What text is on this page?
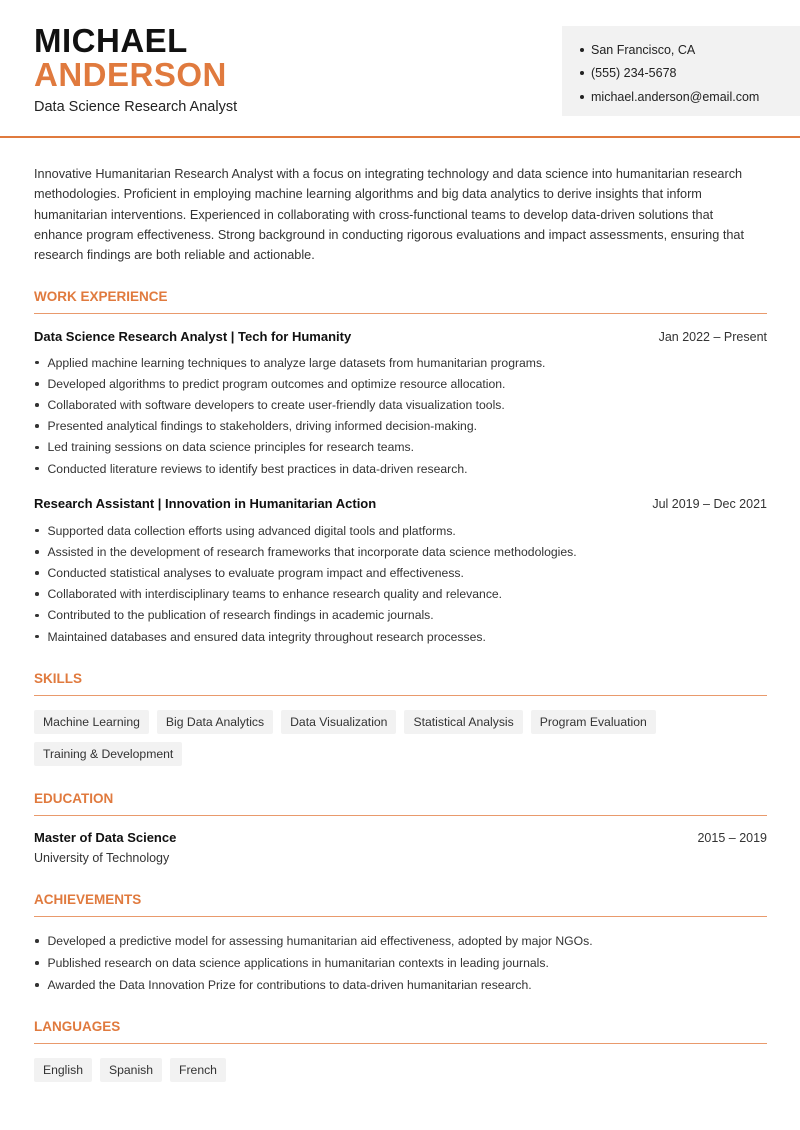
MICHAEL
ANDERSON
Data Science Research Analyst
San Francisco, CA
(555) 234-5678
michael.anderson@email.com
Innovative Humanitarian Research Analyst with a focus on integrating technology and data science into humanitarian research methodologies. Proficient in employing machine learning algorithms and big data analytics to derive insights that inform humanitarian interventions. Experienced in collaborating with cross-functional teams to develop data-driven solutions that enhance program effectiveness. Strong background in conducting rigorous evaluations and impact assessments, ensuring that research findings are both reliable and actionable.
WORK EXPERIENCE
Data Science Research Analyst | Tech for Humanity	Jan 2022 – Present
Applied machine learning techniques to analyze large datasets from humanitarian programs.
Developed algorithms to predict program outcomes and optimize resource allocation.
Collaborated with software developers to create user-friendly data visualization tools.
Presented analytical findings to stakeholders, driving informed decision-making.
Led training sessions on data science principles for research teams.
Conducted literature reviews to identify best practices in data-driven research.
Research Assistant | Innovation in Humanitarian Action	Jul 2019 – Dec 2021
Supported data collection efforts using advanced digital tools and platforms.
Assisted in the development of research frameworks that incorporate data science methodologies.
Conducted statistical analyses to evaluate program impact and effectiveness.
Collaborated with interdisciplinary teams to enhance research quality and relevance.
Contributed to the publication of research findings in academic journals.
Maintained databases and ensured data integrity throughout research processes.
SKILLS
Machine Learning	Big Data Analytics	Data Visualization	Statistical Analysis	Program Evaluation
Training & Development
EDUCATION
Master of Data Science	2015 – 2019
University of Technology
ACHIEVEMENTS
Developed a predictive model for assessing humanitarian aid effectiveness, adopted by major NGOs.
Published research on data science applications in humanitarian contexts in leading journals.
Awarded the Data Innovation Prize for contributions to data-driven humanitarian research.
LANGUAGES
English	Spanish	French
